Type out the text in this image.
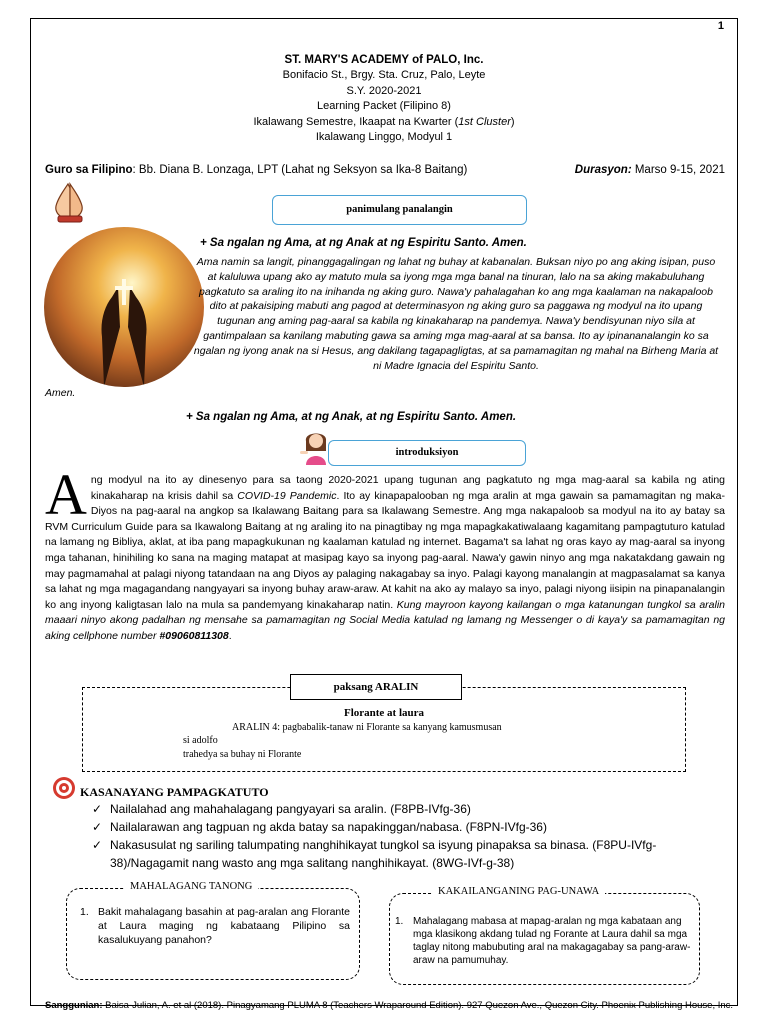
1
ST. MARY'S ACADEMY of PALO, Inc.
Bonifacio St., Brgy. Sta. Cruz, Palo, Leyte
S.Y. 2020-2021
Learning Packet (Filipino 8)
Ikalawang Semestre, Ikaapat na Kwarter (1st Cluster)
Ikalawang Linggo, Modyul 1
Guro sa Filipino: Bb. Diana B. Lonzaga, LPT (Lahat ng Seksyon sa Ika-8 Baitang)	Durasyon: Marso 9-15, 2021
panimulang panalangin
+ Sa ngalan ng Ama, at ng Anak at ng Espiritu Santo. Amen.
Ama namin sa langit, pinanggagalingan ng lahat ng buhay at kabanalan. Buksan niyo po ang aking isipan, puso at kaluluwa upang ako ay matuto mula sa iyong mga mga banal na tinuran, lalo na sa aking makabuluhang pagkatuto sa araling ito na inihanda ng aking guro. Nawa'y pahalagahan ko ang mga kaalaman na nakapaloob dito at pakaisiping mabuti ang pagod at determinasyon ng aking guro sa paggawa ng modyul na ito upang tugunan ang aming pag-aaral sa kabila ng kinakaharap na pandemya. Nawa'y bendisyunan niyo sila at gantimpalaan sa kanilang mabuting gawa sa aming mga mag-aaral at sa bansa. Ito ay ipinananalangin ko sa ngalan ng iyong anak na si Hesus, ang dakilang tagapagligtas, at sa pamamagitan ng mahal na Birheng Maria at ni Madre Ignacia del Espiritu Santo.
Amen.
+ Sa ngalan ng Ama, at ng Anak, at ng Espiritu Santo. Amen.
introduksiyon
Ang modyul na ito ay dinesenyo para sa taong 2020-2021 upang tugunan ang pagkatuto ng mga mag-aaral sa kabila ng ating kinakaharap na krisis dahil sa COVID-19 Pandemic. Ito ay kinapapalooban ng mga aralin at mga gawain sa pamamagitan ng maka-Diyos na pag-aaral na angkop sa Ikalawang Baitang para sa Ikalawang Semestre. Ang mga nakapaloob sa modyul na ito ay batay sa RVM Curriculum Guide para sa Ikawalong Baitang at ng araling ito na pinagtibay ng mga mapagkakatiwalaang kagamitang pampagtuturo katulad na lamang ng Bibliya, aklat, at iba pang mapagkukunan ng kaalaman katulad ng internet. Bagama't sa lahat ng oras kayo ay mag-aaral sa inyong mga tahanan, hinihiling ko sana na maging matapat at masipag kayo sa inyong pag-aaral. Nawa'y gawin ninyo ang mga nakatakdang gawain ng may pagmamahal at palagi niyong tatandaan na ang Diyos ay palaging nakagabay sa inyo. Palagi kayong manalangin at magpasalamat sa kanya sa lahat ng mga magagandang nangyayari sa inyong buhay araw-araw. At kahit na ako ay malayo sa inyo, palagi niyong iisipin na pinapanalangin ko ang inyong kaligtasan lalo na mula sa pandemyang kinakaharap natin. Kung mayroon kayong kailangan o mga katanungan tungkol sa aralin maaari ninyo akong padalhan ng mensahe sa pamamagitan ng Social Media katulad ng lamang ng Messenger o di kaya'y sa pamamagitan ng aking cellphone number #09060811308.
paksang ARALIN
Florante at laura
ARALIN 4: pagbabalik-tanaw ni Florante sa kanyang kamusmusan
si adolfo
trahedya sa buhay ni Florante
KASANAYANG PAMPAGKATUTO
✓ Nailalahad ang mahahalagang pangyayari sa aralin. (F8PB-IVfg-36)
✓ Nailalarawan ang tagpuan ng akda batay sa napakinggan/nabasa. (F8PN-IVfg-36)
✓ Nakasusulat ng sariling talumpating nanghihikayat tungkol sa isyung pinapaksa sa binasa. (F8PU-IVfg-38)/Nagagamit nang wasto ang mga salitang nanghihikayat. (8WG-IVf-g-38)
MAHALAGANG TANONG
1. Bakit mahalagang basahin at pag-aralan ang Florante at Laura maging ng kabataang Pilipino sa kasalukuyang panahon?
KAKAILANGANING PAG-UNAWA
1. Mahalagang mabasa at mapag-aralan ng mga kabataan ang mga klasikong akdang tulad ng Forante at Laura dahil sa mga taglay nitong mabubuting aral na makagagabay sa pang-araw-araw na pamumuhay.
Sanggunian: Baisa-Julian, A. et al (2018). Pinagyamang PLUMA 8 (Teachers Wraparound Edition). 927 Quezon Ave., Quezon City. Phoenix Publishing House, Inc.
